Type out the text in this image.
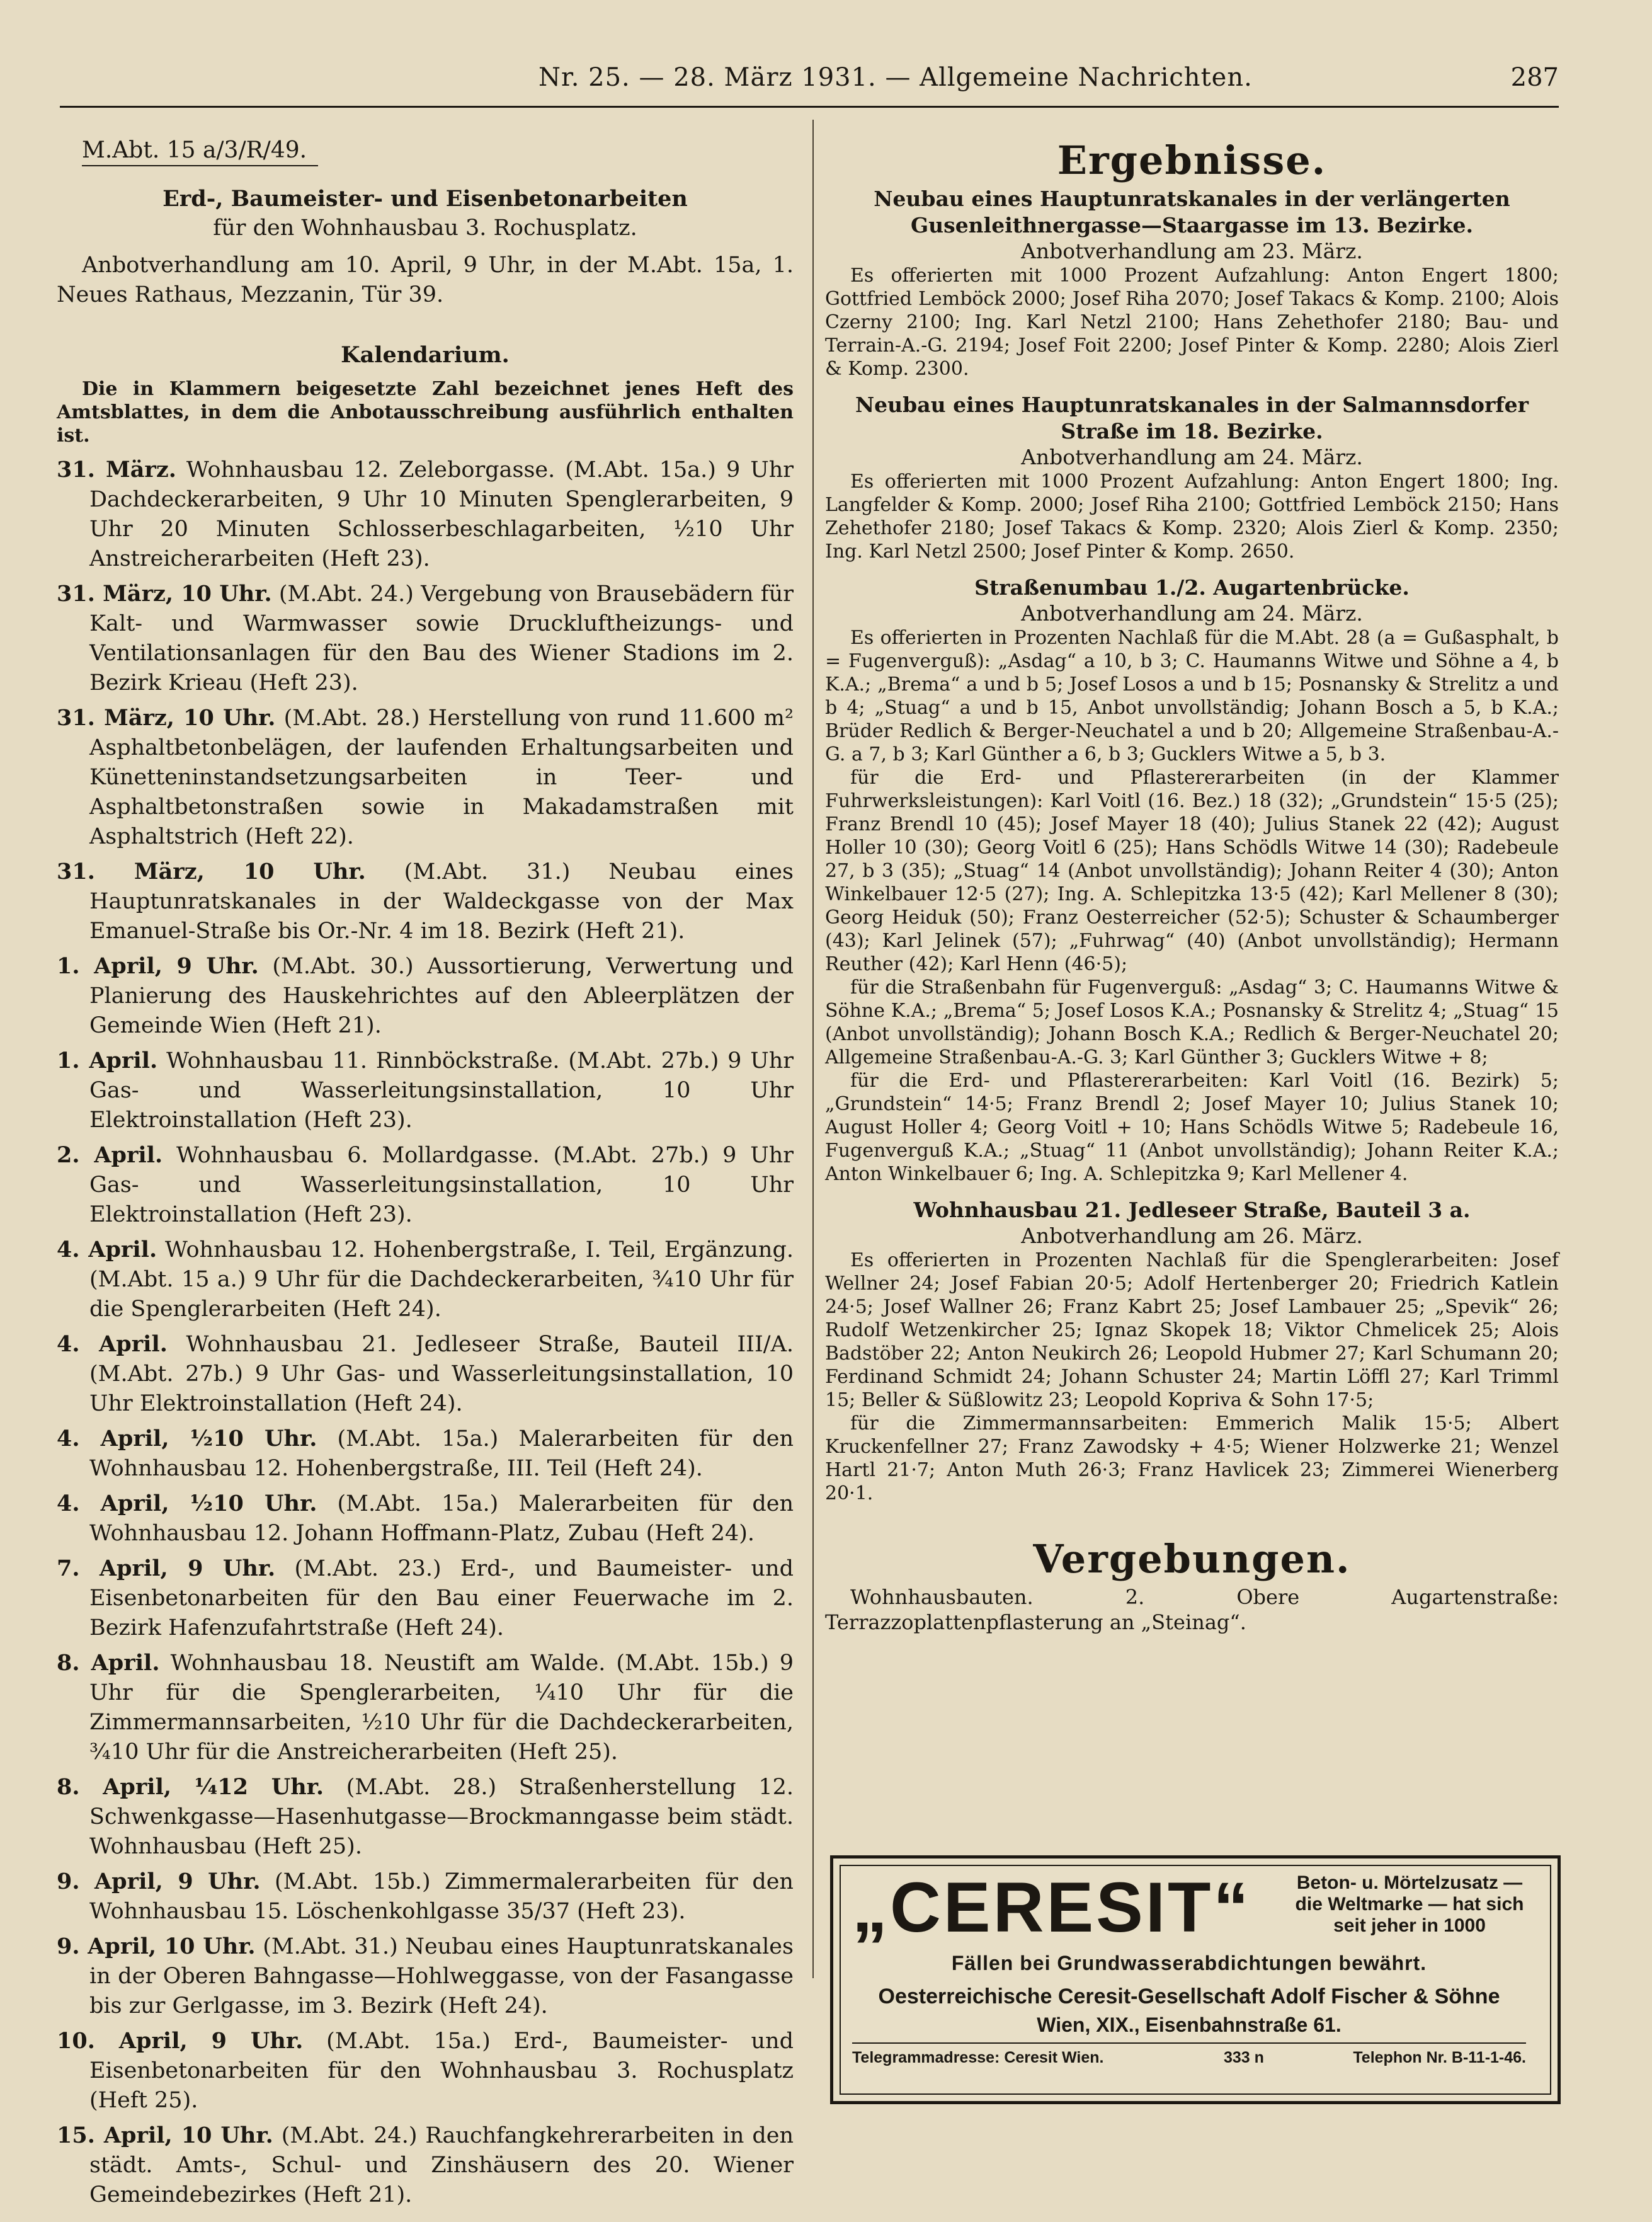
Nr. 25. — 28. März 1931. — Allgemeine Nachrichten.	287
M.Abt. 15 a/3/R/49.

Erd-, Baumeister- und Eisenbetonarbeiten

für den Wohnhausbau 3. Rochusplatz.

Anbotverhandlung am 10. April, 9 Uhr, in der M.Abt. 15a, 1. Neues Rathaus, Mezzanin, Tür 39.

Kalendarium.

Die in Klammern beigesetzte Zahl bezeichnet jenes Heft des Amtsblattes, in dem die Anbotausschreibung ausführlich enthalten ist.

31. März. Wohnhausbau 12. Zeleborgasse. (M.Abt. 15a.) 9 Uhr Dachdeckerarbeiten, 9 Uhr 10 Minuten Spenglerarbeiten, 9 Uhr 20 Minuten Schlosserbeschlagarbeiten, ½10 Uhr Anstreicherarbeiten (Heft 23).

31. März, 10 Uhr. (M.Abt. 24.) Vergebung von Brausebädern für Kalt- und Warmwasser sowie Druckluftheizungs- und Ventilationsanlagen für den Bau des Wiener Stadions im 2. Bezirk Krieau (Heft 23).

31. März, 10 Uhr. (M.Abt. 28.) Herstellung von rund 11.600 m² Asphaltbetonbelägen, der laufenden Erhaltungsarbeiten und Künetteninstandsetzungsarbeiten in Teer- und Asphaltbetonstraßen sowie in Makadamstraßen mit Asphaltstrich (Heft 22).

31. März, 10 Uhr. (M.Abt. 31.) Neubau eines Hauptunratskanales in der Waldeckgasse von der Max Emanuel-Straße bis Or.-Nr. 4 im 18. Bezirk (Heft 21).

1. April, 9 Uhr. (M.Abt. 30.) Aussortierung, Verwertung und Planierung des Hauskehrichtes auf den Ableerplätzen der Gemeinde Wien (Heft 21).

1. April. Wohnhausbau 11. Rinnböckstraße. (M.Abt. 27b.) 9 Uhr Gas- und Wasserleitungsinstallation, 10 Uhr Elektroinstallation (Heft 23).

2. April. Wohnhausbau 6. Mollardgasse. (M.Abt. 27b.) 9 Uhr Gas- und Wasserleitungsinstallation, 10 Uhr Elektroinstallation (Heft 23).

4. April. Wohnhausbau 12. Hohenbergstraße, I. Teil, Ergänzung. (M.Abt. 15 a.) 9 Uhr für die Dachdeckerarbeiten, ¾10 Uhr für die Spenglerarbeiten (Heft 24).

4. April. Wohnhausbau 21. Jedleseer Straße, Bauteil III/A. (M.Abt. 27b.) 9 Uhr Gas- und Wasserleitungsinstallation, 10 Uhr Elektroinstallation (Heft 24).

4. April, ½10 Uhr. (M.Abt. 15a.) Malerarbeiten für den Wohnhausbau 12. Hohenbergstraße, III. Teil (Heft 24).

4. April, ½10 Uhr. (M.Abt. 15a.) Malerarbeiten für den Wohnhausbau 12. Johann Hoffmann-Platz, Zubau (Heft 24).

7. April, 9 Uhr. (M.Abt. 23.) Erd-, und Baumeister- und Eisenbetonarbeiten für den Bau einer Feuerwache im 2. Bezirk Hafenzufahrtstraße (Heft 24).

8. April. Wohnhausbau 18. Neustift am Walde. (M.Abt. 15b.) 9 Uhr für die Spenglerarbeiten, ¼10 Uhr für die Zimmermannsarbeiten, ½10 Uhr für die Dachdeckerarbeiten, ¾10 Uhr für die Anstreicherarbeiten (Heft 25).

8. April, ¼12 Uhr. (M.Abt. 28.) Straßenherstellung 12. Schwenkgasse—Hasenhutgasse—Brockmanngasse beim städt. Wohnhausbau (Heft 25).

9. April, 9 Uhr. (M.Abt. 15b.) Zimmermalerarbeiten für den Wohnhausbau 15. Löschenkohlgasse 35/37 (Heft 23).

9. April, 10 Uhr. (M.Abt. 31.) Neubau eines Hauptunratskanales in der Oberen Bahngasse—Hohlweggasse, von der Fasangasse bis zur Gerlgasse, im 3. Bezirk (Heft 24).

10. April, 9 Uhr. (M.Abt. 15a.) Erd-, Baumeister- und Eisenbetonarbeiten für den Wohnhausbau 3. Rochusplatz (Heft 25).

15. April, 10 Uhr. (M.Abt. 24.) Rauchfangkehrerarbeiten in den städt. Amts-, Schul- und Zinshäusern des 20. Wiener Gemeindebezirkes (Heft 21).

Ergebnisse.

Neubau eines Hauptunratskanales in der verlängerten Gusenleithnergasse—Staargasse im 13. Bezirke.

Anbotverhandlung am 23. März.

Es offerierten mit 1000 Prozent Aufzahlung: Anton Engert 1800; Gottfried Lemböck 2000; Josef Riha 2070; Josef Takacs & Komp. 2100; Alois Czerny 2100; Ing. Karl Netzl 2100; Hans Zehethofer 2180; Bau- und Terrain-A.-G. 2194; Josef Foit 2200; Josef Pinter & Komp. 2280; Alois Zierl & Komp. 2300.

Neubau eines Hauptunratskanales in der Salmannsdorfer Straße im 18. Bezirke.

Anbotverhandlung am 24. März.

Es offerierten mit 1000 Prozent Aufzahlung: Anton Engert 1800; Ing. Langfelder & Komp. 2000; Josef Riha 2100; Gottfried Lemböck 2150; Hans Zehethofer 2180; Josef Takacs & Komp. 2320; Alois Zierl & Komp. 2350; Ing. Karl Netzl 2500; Josef Pinter & Komp. 2650.

Straßenumbau 1./2. Augartenbrücke.

Anbotverhandlung am 24. März.

Es offerierten in Prozenten Nachlaß für die M.Abt. 28 (a = Gußasphalt, b = Fugenverguß): „Asdag“ a 10, b 3; C. Haumanns Witwe und Söhne a 4, b K.A.; „Brema“ a und b 5; Josef Losos a und b 15; Posnansky & Strelitz a und b 4; „Stuag“ a und b 15, Anbot unvollständig; Johann Bosch a 5, b K.A.; Brüder Redlich & Berger-Neuchatel a und b 20; Allgemeine Straßenbau-A.-G. a 7, b 3; Karl Günther a 6, b 3; Gucklers Witwe a 5, b 3.

für die Erd- und Pflastererarbeiten (in der Klammer Fuhrwerksleistungen): Karl Voitl (16. Bez.) 18 (32); „Grundstein“ 15·5 (25); Franz Brendl 10 (45); Josef Mayer 18 (40); Julius Stanek 22 (42); August Holler 10 (30); Georg Voitl 6 (25); Hans Schödls Witwe 14 (30); Radebeule 27, b 3 (35); „Stuag“ 14 (Anbot unvollständig); Johann Reiter 4 (30); Anton Winkelbauer 12·5 (27); Ing. A. Schlepitzka 13·5 (42); Karl Mellener 8 (30); Georg Heiduk (50); Franz Oesterreicher (52·5); Schuster & Schaumberger (43); Karl Jelinek (57); „Fuhrwag“ (40) (Anbot unvollständig); Hermann Reuther (42); Karl Henn (46·5);

für die Straßenbahn für Fugenverguß: „Asdag“ 3; C. Haumanns Witwe & Söhne K.A.; „Brema“ 5; Josef Losos K.A.; Posnansky & Strelitz 4; „Stuag“ 15 (Anbot unvollständig); Johann Bosch K.A.; Redlich & Berger-Neuchatel 20; Allgemeine Straßenbau-A.-G. 3; Karl Günther 3; Gucklers Witwe + 8;

für die Erd- und Pflastererarbeiten: Karl Voitl (16. Bezirk) 5; „Grundstein“ 14·5; Franz Brendl 2; Josef Mayer 10; Julius Stanek 10; August Holler 4; Georg Voitl + 10; Hans Schödls Witwe 5; Radebeule 16, Fugenverguß K.A.; „Stuag“ 11 (Anbot unvollständig); Johann Reiter K.A.; Anton Winkelbauer 6; Ing. A. Schlepitzka 9; Karl Mellener 4.

Wohnhausbau 21. Jedleseer Straße, Bauteil 3 a.

Anbotverhandlung am 26. März.

Es offerierten in Prozenten Nachlaß für die Spenglerarbeiten: Josef Wellner 24; Josef Fabian 20·5; Adolf Hertenberger 20; Friedrich Katlein 24·5; Josef Wallner 26; Franz Kabrt 25; Josef Lambauer 25; „Spevik“ 26; Rudolf Wetzenkircher 25; Ignaz Skopek 18; Viktor Chmelicek 25; Alois Badstöber 22; Anton Neukirch 26; Leopold Hubmer 27; Karl Schumann 20; Ferdinand Schmidt 24; Johann Schuster 24; Martin Löffl 27; Karl Trimml 15; Beller & Süßlowitz 23; Leopold Kopriva & Sohn 17·5;

für die Zimmermannsarbeiten: Emmerich Malik 15·5; Albert Kruckenfellner 27; Franz Zawodsky + 4·5; Wiener Holzwerke 21; Wenzel Hartl 21·7; Anton Muth 26·3; Franz Havlicek 23; Zimmerei Wienerberg 20·1.

Vergebungen.

Wohnhausbauten. 2. Obere Augartenstraße: Terrazzoplattenpflasterung an „Steinag“.

„CERESIT“	Beton- u. Mörtelzusatz — die Weltmarke — hat sich seit jeher in 1000
Fällen bei Grundwasserabdichtungen bewährt.
Oesterreichische Ceresit-Gesellschaft Adolf Fischer & Söhne
Wien, XIX., Eisenbahnstraße 61.
Telegrammadresse: Ceresit Wien.	333 n	Telephon Nr. B-11-1-46.
